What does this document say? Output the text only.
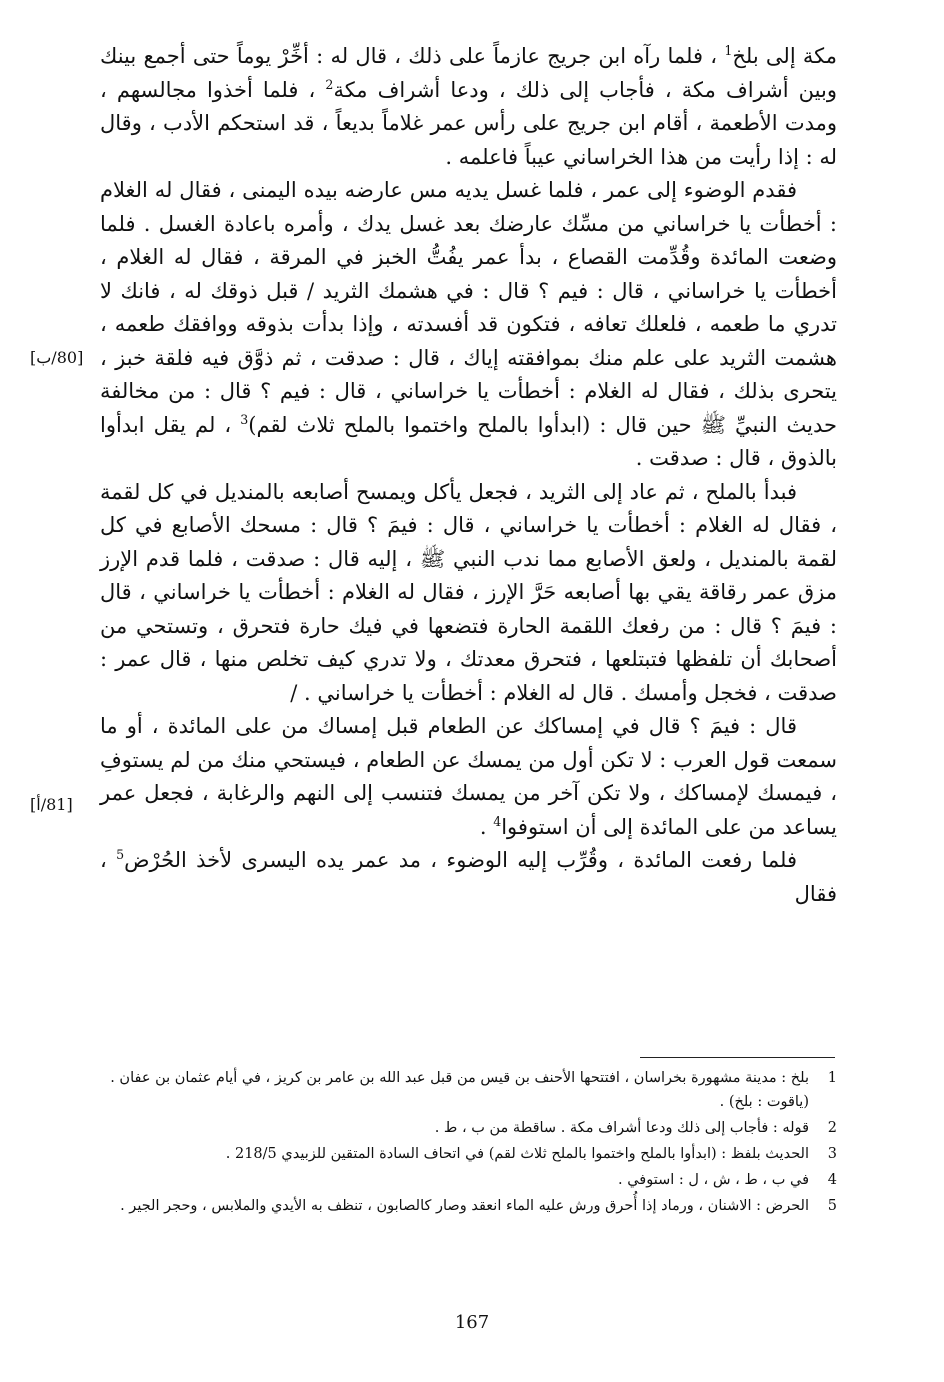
[80/ب]
[81/أ]

مكة إلى بلخ$^1$ ، فلما رآه ابن جريج عازماً على ذلك ، قال له : أخِّرْ يوماً حتى أجمع بينك وبين أشراف مكة ، فأجاب إلى ذلك ، ودعا أشراف مكة$^2$ ، فلما أخذوا مجالسهم ، ومدت الأطعمة ، أقام ابن جريج على رأس عمر غلاماً بديعاً ، قد استحكم الأدب ، وقال له : إذا رأيت من هذا الخراساني عيباً فاعلمه .

فقدم الوضوء إلى عمر ، فلما غسل يديه مس عارضه بيده اليمنى ، فقال له الغلام : أخطأت يا خراساني من مسِّك عارضك بعد غسل يدك ، وأمره باعادة الغسل . فلما وضعت المائدة وقُدِّمت القصاع ، بدأ عمر يفُتُّ الخبز في المرقة ، فقال له الغلام ، أخطأت يا خراساني ، قال : فيم ؟ قال : في هشمك الثريد / قبل ذوقك له ، فانك لا تدري ما طعمه ، فلعلك تعافه ، فتكون قد أفسدته ، وإذا بدأت بذوقه ووافقك طعمه ، هشمت الثريد على علم منك بموافقته إياك ، قال : صدقت ، ثم ذوَّق فيه فلقة خبز ، يتحرى بذلك ، فقال له الغلام : أخطأت يا خراساني ، قال : فيم ؟ قال : من مخالفة حديث النبيِّ ﷺ حين قال : (ابدأوا بالملح واختموا بالملح ثلاث لقم)$^3$ ، لم يقل ابدأوا بالذوق ، قال : صدقت .

فبدأ بالملح ، ثم عاد إلى الثريد ، فجعل يأكل ويمسح أصابعه بالمنديل في كل لقمة ، فقال له الغلام : أخطأت يا خراساني ، قال : فيمَ ؟ قال : مسحك الأصابع في كل لقمة بالمنديل ، ولعق الأصابع مما ندب النبي ﷺ ، إليه قال : صدقت ، فلما قدم الإرز مزق عمر رقاقة يقي بها أصابعه حَرَّ الإرز ، فقال له الغلام : أخطأت يا خراساني ، قال : فيمَ ؟ قال : من رفعك اللقمة الحارة فتضعها في فيك حارة فتحرق ، وتستحي من أصحابك أن تلفظها فتبتلعها ، فتحرق معدتك ، ولا تدري كيف تخلص منها ، قال عمر : صدقت ، فخجل وأمسك . قال له الغلام : أخطأت يا خراساني . /

قال : فيمَ ؟ قال في إمساكك عن الطعام قبل إمساك من على المائدة ، أو ما سمعت قول العرب : لا تكن أول من يمسك عن الطعام ، فيستحي منك من لم يستوفِ ، فيمسك لإمساكك ، ولا تكن آخر من يمسك فتنسب إلى النهم والرغابة ، فجعل عمر يساعد من على المائدة إلى أن استوفوا$^4$ .

فلما رفعت المائدة ، وقُرِّب إليه الوضوء ، مد عمر يده اليسرى لأخذ الحُرْض$^5$ ، فقال

1
بلخ : مدينة مشهورة بخراسان ، افتتحها الأحنف بن قيس من قبل عبد الله بن عامر بن كريز ، في أيام عثمان بن عفان . (ياقوت : بلخ) .
2
قوله : فأجاب إلى ذلك ودعا أشراف مكة . ساقطة من ب ، ط .
3
الحديث بلفظ : (ابدأوا بالملح واختموا بالملح ثلاث لقم) في اتحاف السادة المتقين للزبيدي 218/5 .
4
في ب ، ط ، ش ، ل : استوفي .
5
الحرض : الاشنان ، ورماد إذا أُحرق ورش عليه الماء انعقد وصار كالصابون ، تنظف به الأيدي والملابس ، وحجر الجير .
167
